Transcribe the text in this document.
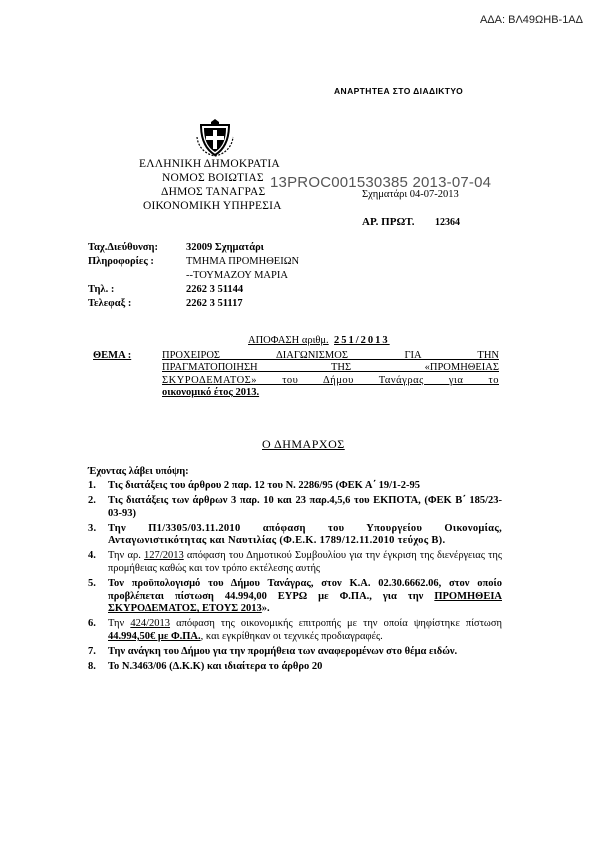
ΑΔΑ: ΒΛ49ΩΗΒ-1ΑΔ
ΑΝΑΡΤΗΤΕΑ ΣΤΟ ΔΙΑΔΙΚΤΥΟ
ΕΛΛΗΝΙΚΗ ΔΗΜΟΚΡΑΤΙΑ
ΝΟΜΟΣ ΒΟΙΩΤΙΑΣ
ΔΗΜΟΣ ΤΑΝΑΓΡΑΣ
ΟΙΚΟΝΟΜΙΚΗ ΥΠΗΡΕΣΙΑ
Σχηματάρι 04-07-2013
13PROC001530385 2013-07-04
ΑΡ. ΠΡΩΤ. 12364
Ταχ.Διεύθυνση:	32009 Σχηματάρι
Πληροφορίες :	ΤΜΗΜΑ ΠΡΟΜΗΘΕΙΩΝ
--ΤΟΥΜΑΖΟΥ ΜΑΡΙΑ
Τηλ. :	2262 3 51144
Τελεφαξ :	2262 3 51117
ΑΠΟΦΑΣΗ αριθμ. 251/2013
ΘΕΜΑ :	ΠΡΟΧΕΙΡΟΣ ΔΙΑΓΩΝΙΣΜΟΣ ΓΙΑ ΤΗΝ
ΠΡΑΓΜΑΤΟΠΟΙΗΣΗ ΤΗΣ «ΠΡΟΜΗΘΕΙΑΣ
ΣΚΥΡΟΔΕΜΑΤΟΣ» του Δήμου Τανάγρας για το
οικονομικό έτος 2013.
Ο ΔΗΜΑΡΧΟΣ
Έχοντας λάβει υπόψη:
1. Τις διατάξεις του άρθρου 2 παρ. 12 του Ν. 2286/95 (ΦΕΚ Α΄ 19/1-2-95
2. Τις διατάξεις των άρθρων 3 παρ. 10 και 23 παρ.4,5,6 του ΕΚΠΟΤΑ, (ΦΕΚ Β΄ 185/23-03-93)
3. Την Π1/3305/03.11.2010 απόφαση του Υπουργείου Οικονομίας, Ανταγωνιστικότητας και Ναυτιλίας (Φ.Ε.Κ. 1789/12.11.2010 τεύχος Β).
4. Την αρ. 127/2013 απόφαση του Δημοτικού Συμβουλίου για την έγκριση της διενέργειας της προμήθειας καθώς και τον τρόπο εκτέλεσης αυτής
5. Τον προϋπολογισμό του Δήμου Τανάγρας, στον Κ.Α. 02.30.6662.06, στον οποίο προβλέπεται πίστωση 44.994,00 ΕΥΡΩ με Φ.ΠΑ., για την ΠΡΟΜΗΘΕΙΑ ΣΚΥΡΟΔΕΜΑΤΟΣ, ΕΤΟΥΣ 2013».
6. Την 424/2013 απόφαση της οικονομικής επιτροπής με την οποία ψηφίστηκε πίστωση 44.994,50€ με Φ.ΠΑ., και εγκρίθηκαν οι τεχνικές προδιαγραφές.
7. Την ανάγκη του Δήμου για την προμήθεια των αναφερομένων στο θέμα ειδών.
8. Το Ν.3463/06 (Δ.Κ.Κ) και ιδιαίτερα το άρθρο 20
